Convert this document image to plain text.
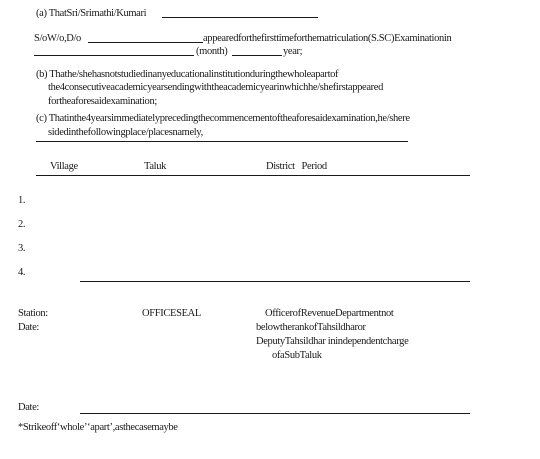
(a) ThatSri/Srimathi/Kumari
S/oW/o,D/o	appearedforthefirsttimeforthematriculation(S.SC)Examinationin
(month)	year;
(b) Thathe/shehasnotstudiedinanyeducationalinstitutionduringthewholeapartof
the4consecutiveacademicyearsendingwiththeacademicyearinwhichhe/shefirstappeared
fortheaforesaidexamination;
(c) Thatinthe4yearsimmediatelyprecedingthecommencementoftheaforesaidexamination,he/shere
sidedinthefollowingplace/placesnamely,
Village	Taluk	District   Period
1.
2.
3.
4.
Station:
Date:
OFFICESEAL	OfficerofRevenueDepartmentnot
belowtherankofTahsildharor
DeputyTahsildhar inindependentcharge
ofaSubTaluk
Date:
*Strikeoff‘whole’‘apart’,asthecasemaybe
